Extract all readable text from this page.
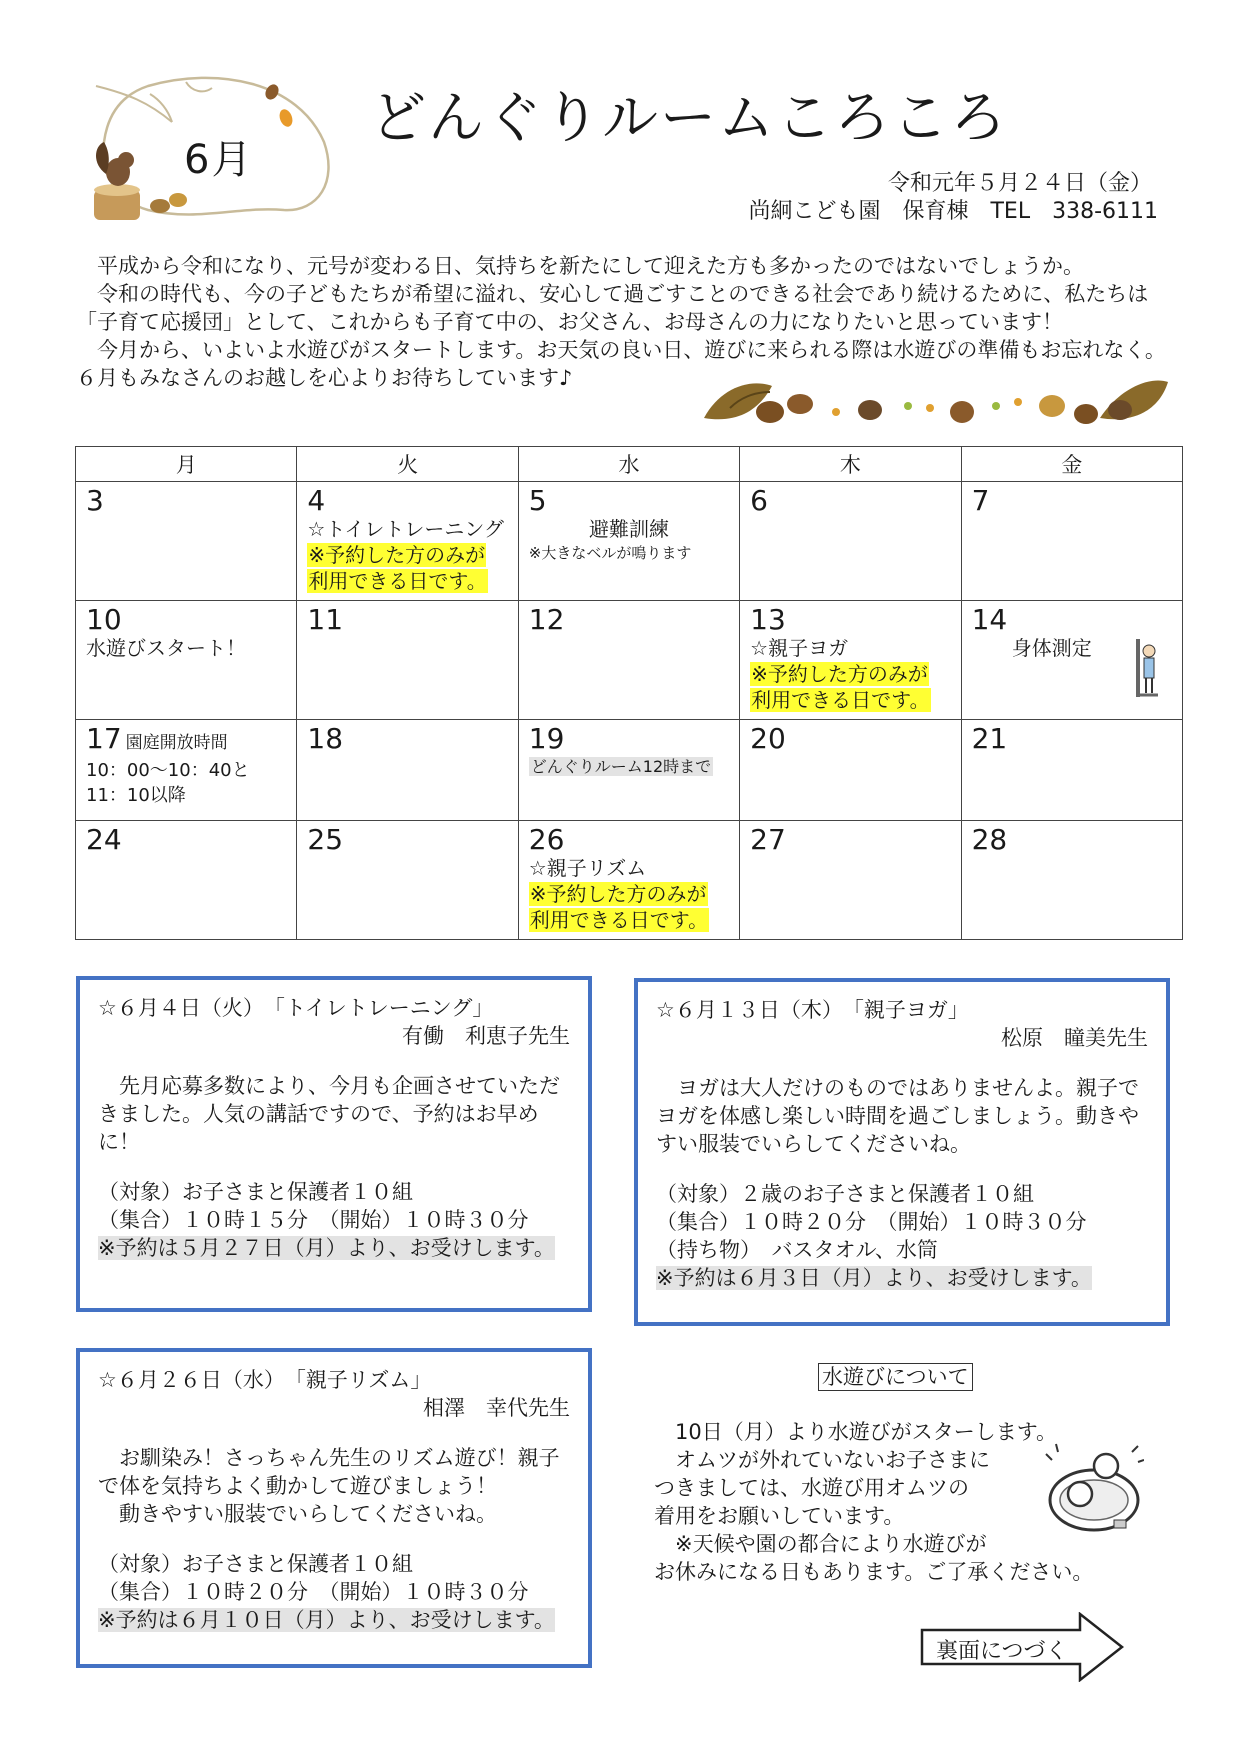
6月
どんぐりルームころころ
令和元年５月２４日（金）
尚絅こども園　保育棟　TEL　338-6111

　平成から令和になり、元号が変わる日、気持ちを新たにして迎えた方も多かったのではないでしょうか。

　令和の時代も、今の子どもたちが希望に溢れ、安心して過ごすことのできる社会であり続けるために、私たちは「子育て応援団」として、これからも子育て中の、お父さん、お母さんの力になりたいと思っています！

　今月から、いよいよ水遊びがスタートします。お天気の良い日、遊びに来られる際は水遊びの準備もお忘れなく。６月もみなさんのお越しを心よりお待ちしています♪

月	火	水	木	金

3	4
☆トイレトレーニング
※予約した方のみが
利用できる日です。	5
避難訓練
※大きなベルが鳴ります	6	7

10
水遊びスタート！	11	12	13
☆親子ヨガ
※予約した方のみが
利用できる日です。	14
身体測定

17 園庭開放時間
10：00～10：40と
11：10以降	18	19
どんぐりルーム12時まで	20	21

24	25	26
☆親子リズム
※予約した方のみが
利用できる日です。	27	28
☆６月４日（火）　「トイレトレーニング」
有働　利恵子先生
　先月応募多数により、今月も企画させていただきました。人気の講話ですので、予約はお早めに！
（対象）お子さまと保護者１０組
（集合）１０時１５分　（開始）１０時３０分
※予約は５月２７日（月）より、お受けします。
☆６月１３日（木）　「親子ヨガ」
松原　瞳美先生
　ヨガは大人だけのものではありませんよ。親子でヨガを体感し楽しい時間を過ごしましょう。動きやすい服装でいらしてくださいね。
（対象）２歳のお子さまと保護者１０組
（集合）１０時２０分　（開始）１０時３０分
（持ち物）　バスタオル、水筒
※予約は６月３日（月）より、お受けします。
☆６月２６日（水）　「親子リズム」
相澤　幸代先生
　お馴染み！さっちゃん先生のリズム遊び！親子で体を気持ちよく動かして遊びましょう！
　動きやすい服装でいらしてくださいね。
（対象）お子さまと保護者１０組
（集合）１０時２０分　（開始）１０時３０分
※予約は６月１０日（月）より、お受けします。
水遊びについて
　10日（月）より水遊びがスターします。
　オムツが外れていないお子さまに
つきましては、水遊び用オムツの
着用をお願いしています。
　※天候や園の都合により水遊びが
お休みになる日もあります。ご了承ください。
裏面につづく
